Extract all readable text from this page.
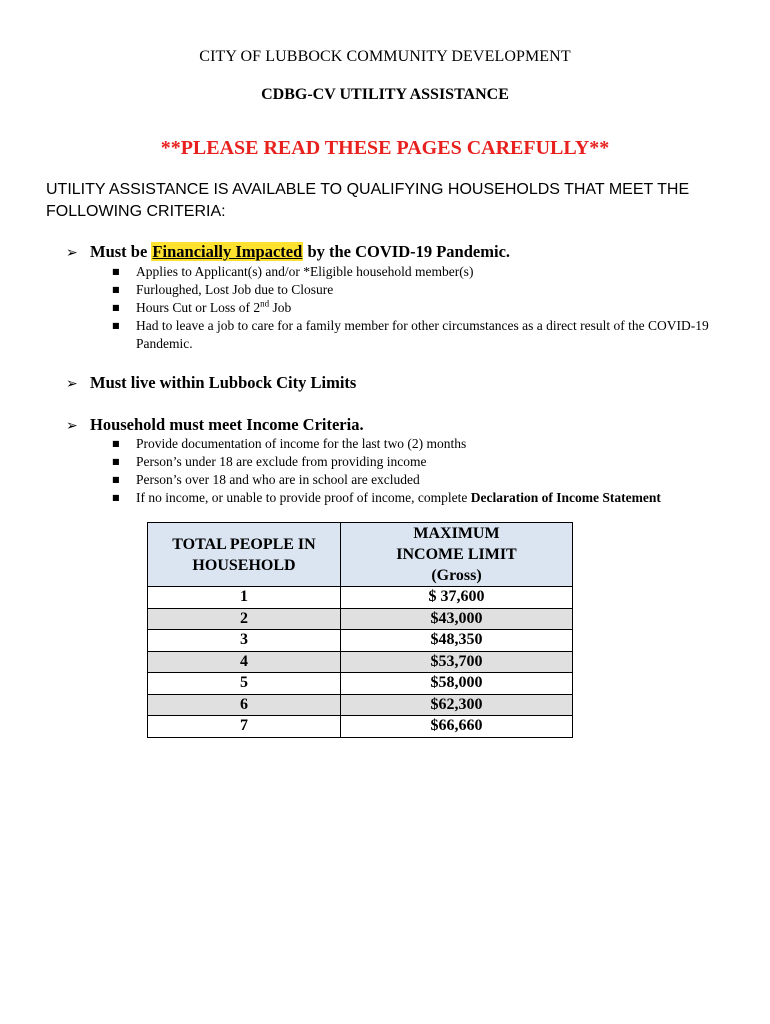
CITY OF LUBBOCK COMMUNITY DEVELOPMENT
CDBG-CV UTILITY ASSISTANCE
**PLEASE READ THESE PAGES CAREFULLY**
UTILITY ASSISTANCE IS AVAILABLE TO QUALIFYING HOUSEHOLDS THAT MEET THE FOLLOWING CRITERIA:
➢ Must be Financially Impacted by the COVID-19 Pandemic.
■ Applies to Applicant(s) and/or *Eligible household member(s)
■ Furloughed, Lost Job due to Closure
■ Hours Cut or Loss of 2nd Job
■ Had to leave a job to care for a family member for other circumstances as a direct result of the COVID-19 Pandemic.
➢ Must live within Lubbock City Limits
➢ Household must meet Income Criteria.
■ Provide documentation of income for the last two (2) months
■ Person’s under 18 are exclude from providing income
■ Person’s over 18 and who are in school are excluded
■ If no income, or unable to provide proof of income, complete Declaration of Income Statement
TOTAL PEOPLE IN HOUSEHOLD	MAXIMUM
INCOME LIMIT
(Gross)

1	$ 37,600
2	$43,000
3	$48,350
4	$53,700
5	$58,000
6	$62,300
7	$66,660
